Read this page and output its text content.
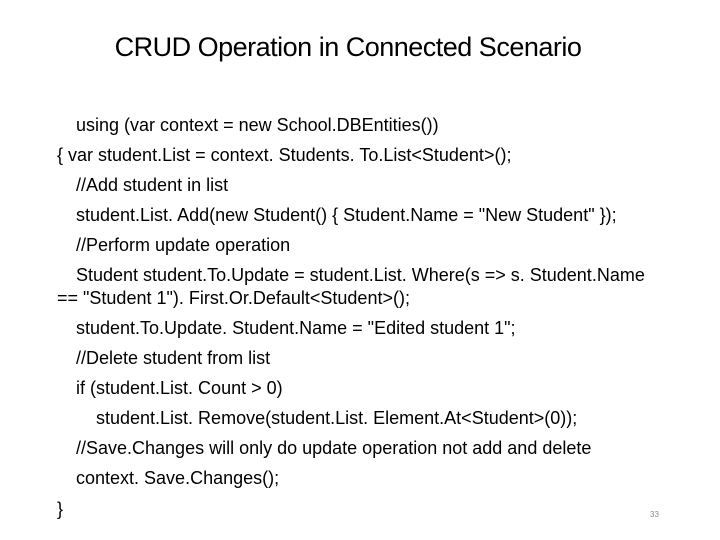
CRUD Operation in Connected Scenario
using (var context = new School.DBEntities())
{ var student.List = context. Students. To.List<Student>();
//Add student in list
student.List. Add(new Student() { Student.Name = "New Student" });
//Perform update operation
Student student.To.Update = student.List. Where(s => s. Student.Name
== "Student 1"). First.Or.Default<Student>();
student.To.Update. Student.Name = "Edited student 1";
//Delete student from list
if (student.List. Count > 0)
student.List. Remove(student.List. Element.At<Student>(0));
//Save.Changes will only do update operation not add and delete
context. Save.Changes();
}	33
